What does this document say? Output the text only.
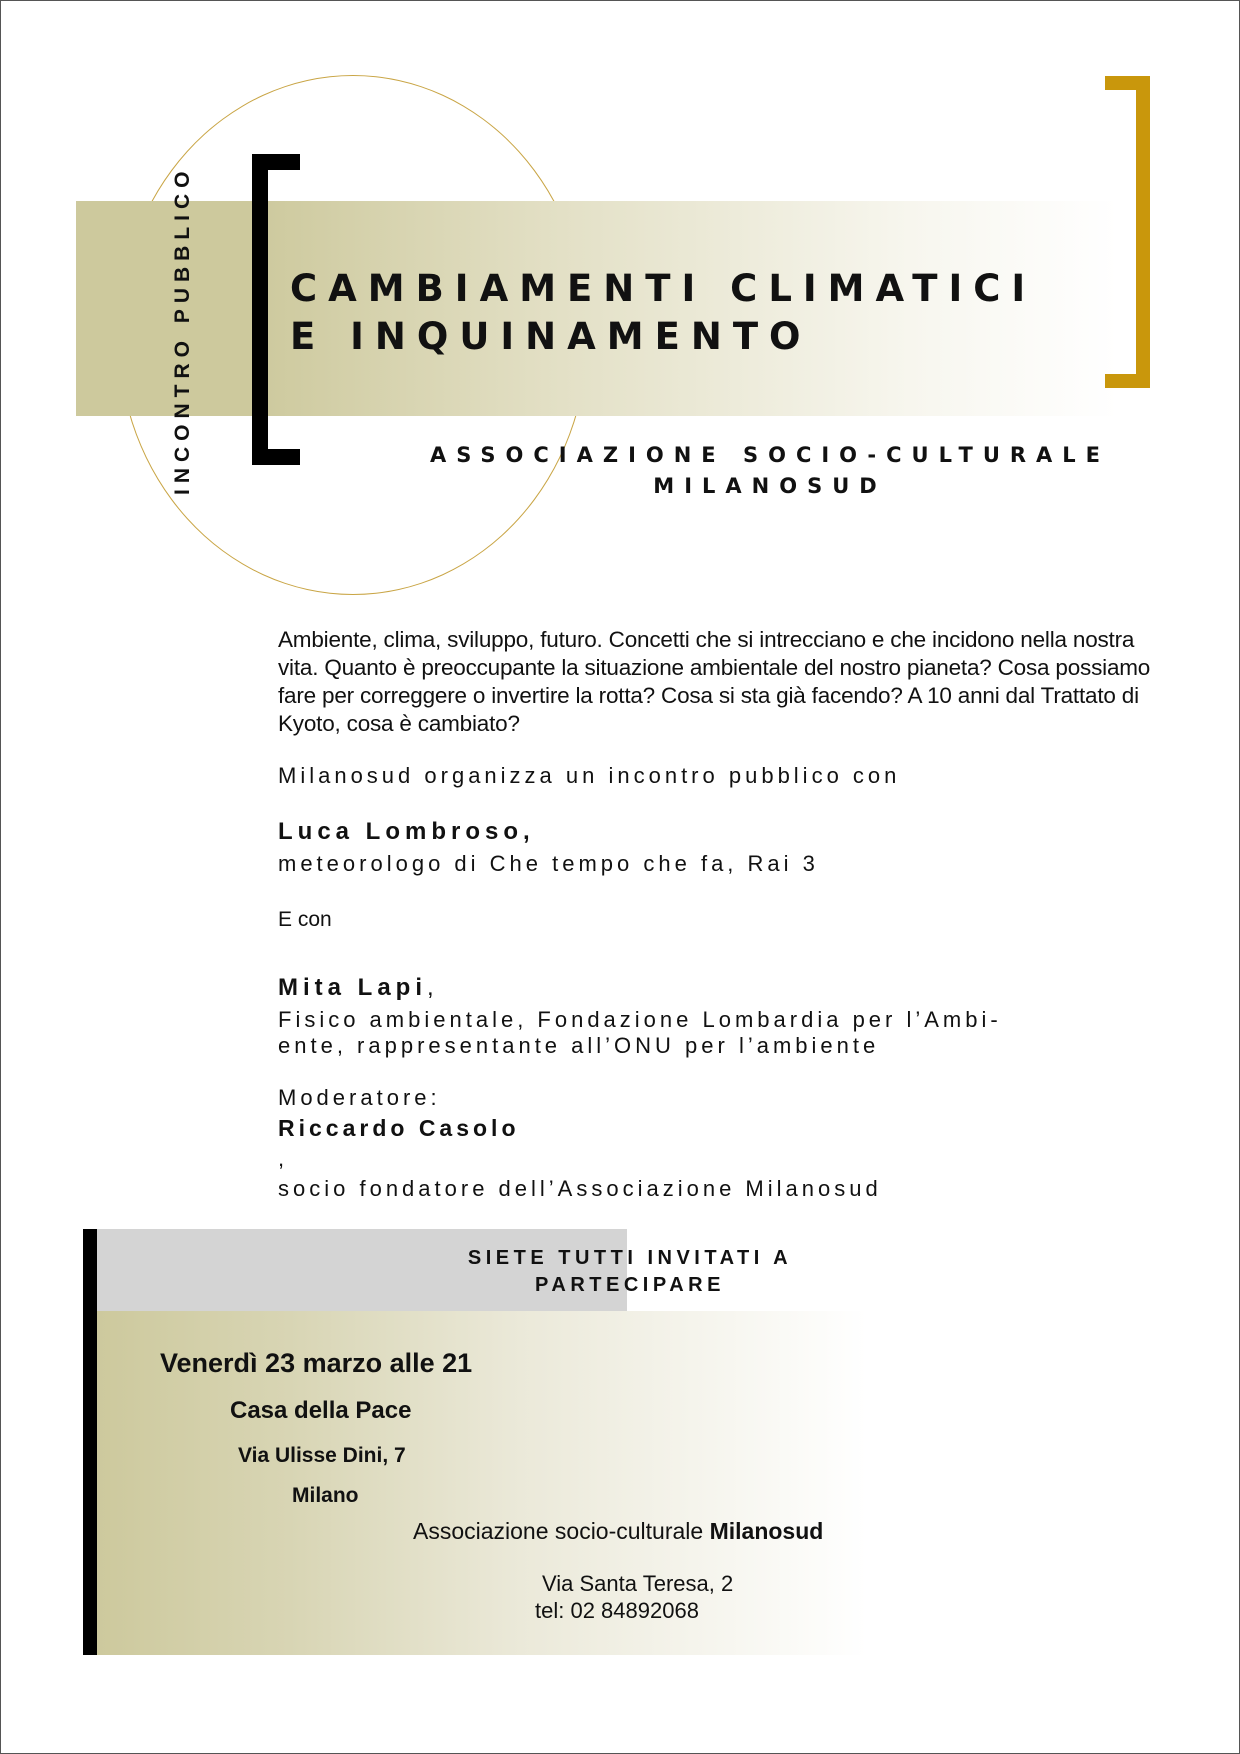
INCONTRO PUBBLICO	CAMBIAMENTI CLIMATICI
E INQUINAMENTO
ASSOCIAZIONE SOCIO-CULTURALE
MILANOSUD

Ambiente, clima, sviluppo, futuro. Concetti che si intrecciano e che incidono nella nostra vita. Quanto è preoccupante la situazione ambientale del nostro pianeta? Cosa possiamo fare per correggere o invertire la rotta? Cosa si sta già facendo? A 10 anni dal Trattato di Kyoto, cosa è cambiato?

Milanosud organizza un incontro pubblico con
Luca Lombroso,
meteorologo di Che tempo che fa, Rai 3
E con
Mita Lapi,
Fisico ambientale, Fondazione Lombardia per l’Ambi-
ente, rappresentante all’ONU per l’ambiente
Moderatore:
Riccardo Casolo
,
socio fondatore dell’Associazione Milanosud
SIETE TUTTI INVITATI A
PARTECIPARE
Venerdì 23 marzo alle 21
Casa della Pace
Via Ulisse Dini, 7
Milano
Associazione socio-culturale Milanosud
Via Santa Teresa, 2
tel: 02 84892068
